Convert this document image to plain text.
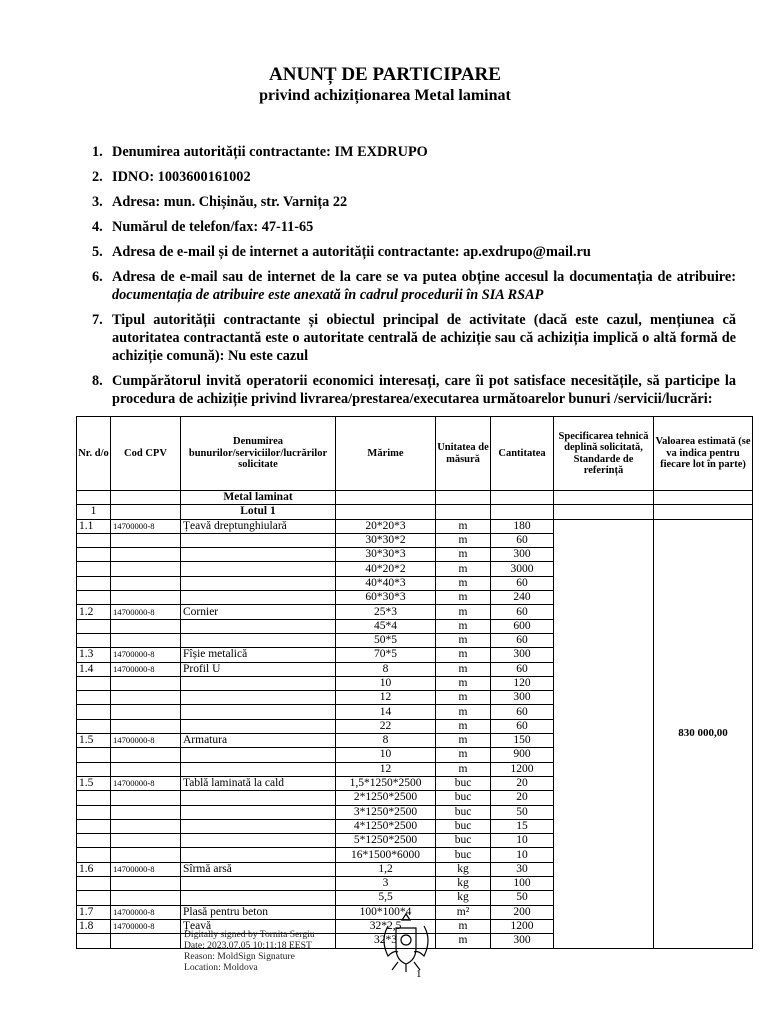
ANUNȚ DE PARTICIPARE
privind achiziționarea Metal laminat
1. Denumirea autorității contractante: IM EXDRUPO
2. IDNO: 1003600161002
3. Adresa: mun. Chișinău, str. Varnița 22
4. Numărul de telefon/fax: 47-11-65
5. Adresa de e-mail și de internet a autorității contractante: ap.exdrupo@mail.ru
6. Adresa de e-mail sau de internet de la care se va putea obține accesul la documentația de atribuire: documentația de atribuire este anexată în cadrul procedurii în SIA RSAP
7. Tipul autorității contractante și obiectul principal de activitate (dacă este cazul, mențiunea că autoritatea contractantă este o autoritate centrală de achiziție sau că achiziția implică o altă formă de achiziție comună): Nu este cazul
8. Cumpărătorul invită operatorii economici interesați, care îi pot satisface necesitățile, să participe la procedura de achiziție privind livrarea/prestarea/executarea următoarelor bunuri /servicii/lucrări:
Nr. d/o	Cod CPV	Denumirea bunurilor/serviciilor/lucrărilor solicitate	Mărime	Unitatea de măsură	Cantitatea	Specificarea tehnică deplină solicitată, Standarde de referință	Valoarea estimată (se va indica pentru fiecare lot în parte)
		Metal laminat					
1		Lotul 1					
1.1	14700000-8	Țeavă dreptunghiulară	20*20*3	m	180		830 000,00
			30*30*2	m	60		
			30*30*3	m	300		
			40*20*2	m	3000		
			40*40*3	m	60		
			60*30*3	m	240		
1.2	14700000-8	Cornier	25*3	m	60		
			45*4	m	600		
			50*5	m	60		
1.3	14700000-8	Fîșie metalică	70*5	m	300		
1.4	14700000-8	Profil U	8	m	60		
			10	m	120		
			12	m	300		
			14	m	60		
			22	m	60		
1.5	14700000-8	Armatura	8	m	150		
			10	m	900		
			12	m	1200		
1.5	14700000-8	Tablă laminată la cald	1,5*1250*2500	buc	20		
			2*1250*2500	buc	20		
			3*1250*2500	buc	50		
			4*1250*2500	buc	15		
			5*1250*2500	buc	10		
			16*1500*6000	buc	10		
1.6	14700000-8	Sîrmă arsă	1,2	kg	30		
			3	kg	100		
			5,5	kg	50		
1.7	14700000-8	Plasă pentru beton	100*100*4	m²	200		
1.8	14700000-8	Țeavă	32*2,5	m	1200		
			32*3	m	300		
Digitally signed by Tornita Sergiu
Date: 2023.07.05 10:11:18 EEST
Reason: MoldSign Signature
Location: Moldova
1
